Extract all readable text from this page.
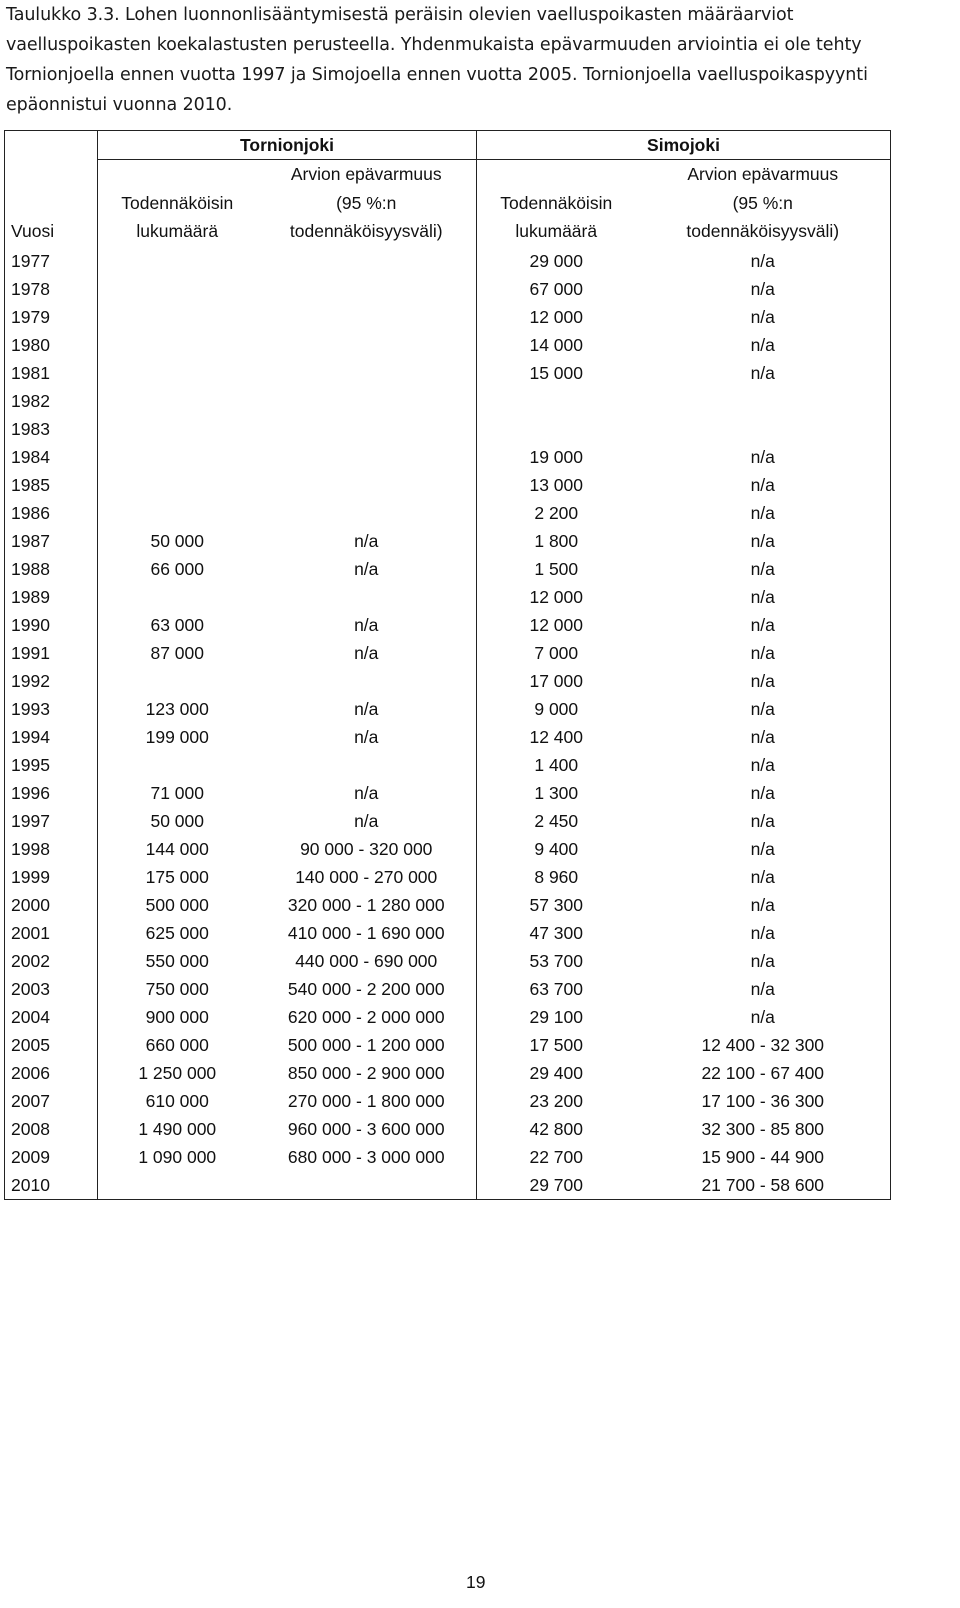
Taulukko 3.3. Lohen luonnonlisääntymisestä peräisin olevien vaelluspoikasten määräarviot
vaelluspoikasten koekalastusten perusteella. Yhdenmukaista epävarmuuden arviointia ei ole tehty
Tornionjoella ennen vuotta 1997 ja Simojoella ennen vuotta 2005. Tornionjoella vaelluspoikaspyynti
epäonnistui vuonna 2010.
	Tornionjoki		Simojoki	
		Arvion epävarmuus		Arvion epävarmuus
	Todennäköisin	(95 %:n	Todennäköisin	(95 %:n
Vuosi	lukumäärä	todennäköisyysväli)	lukumäärä	todennäköisyysväli)
1977			29 000	n/a
1978			67 000	n/a
1979			12 000	n/a
1980			14 000	n/a
1981			15 000	n/a
1982				
1983				
1984			19 000	n/a
1985			13 000	n/a
1986			2 200	n/a
1987	50 000	n/a	1 800	n/a
1988	66 000	n/a	1 500	n/a
1989			12 000	n/a
1990	63 000	n/a	12 000	n/a
1991	87 000	n/a	7 000	n/a
1992			17 000	n/a
1993	123 000	n/a	9 000	n/a
1994	199 000	n/a	12 400	n/a
1995			1 400	n/a
1996	71 000	n/a	1 300	n/a
1997	50 000	n/a	2 450	n/a
1998	144 000	90 000 - 320 000	9 400	n/a
1999	175 000	140 000 - 270 000	8 960	n/a
2000	500 000	320 000 - 1 280 000	57 300	n/a
2001	625 000	410 000 - 1 690 000	47 300	n/a
2002	550 000	440 000 - 690 000	53 700	n/a
2003	750 000	540 000 - 2 200 000	63 700	n/a
2004	900 000	620 000 - 2 000 000	29 100	n/a
2005	660 000	500 000 - 1 200 000	17 500	12 400 - 32 300
2006	1 250 000	850 000 - 2 900 000	29 400	22 100 - 67 400
2007	610 000	270 000 - 1 800 000	23 200	17 100 - 36 300
2008	1 490 000	960 000 - 3 600 000	42 800	32 300 - 85 800
2009	1 090 000	680 000 - 3 000 000	22 700	15 900 - 44 900
2010			29 700	21 700 - 58 600
19
